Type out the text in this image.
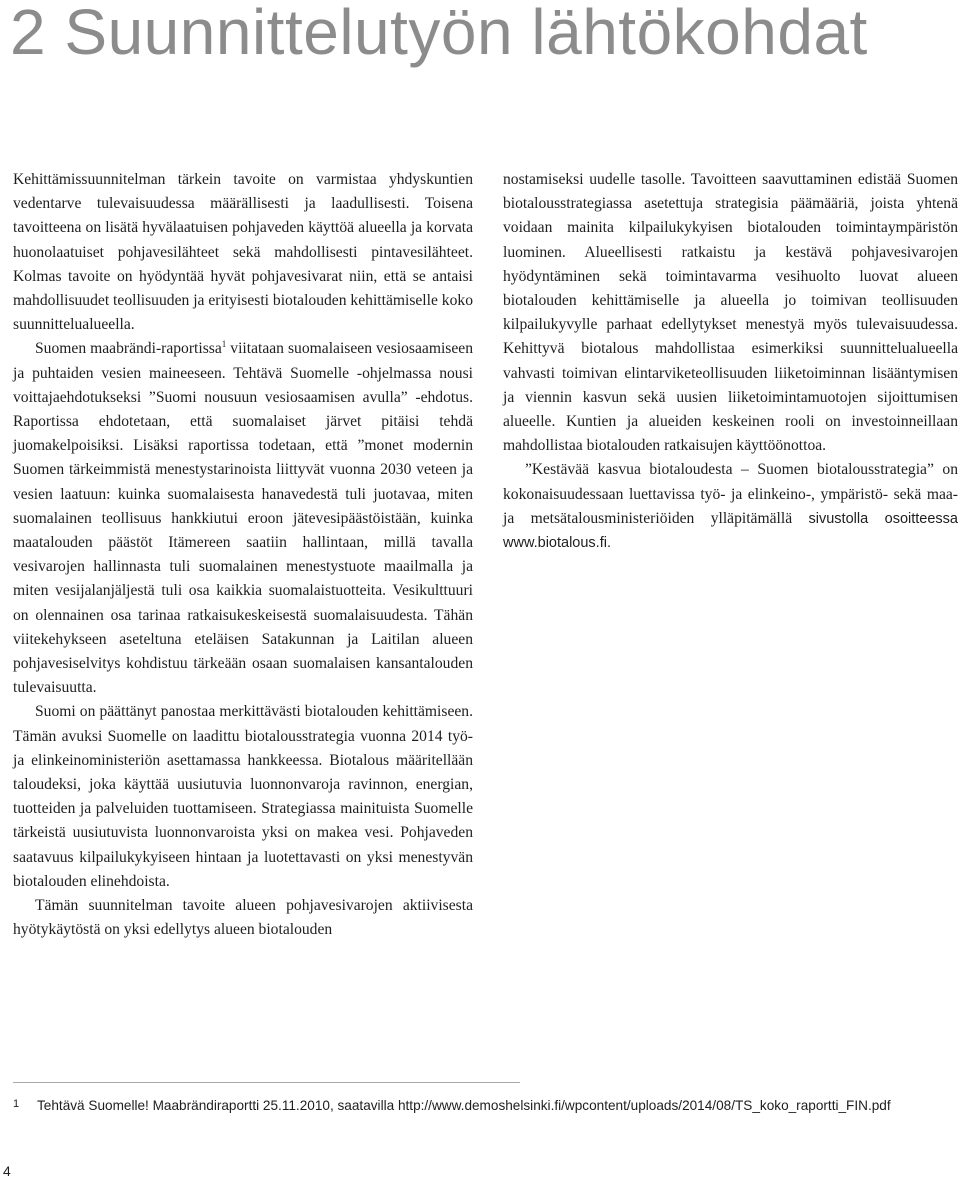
2 Suunnittelutyön lähtökohdat

Kehittämissuunnitelman tärkein tavoite on varmistaa yhdyskuntien vedentarve tulevaisuudessa määrällisesti ja laadullisesti. Toisena tavoitteena on lisätä hyvälaatuisen pohjaveden käyttöä alueella ja korvata huonolaatuiset pohjavesilähteet sekä mahdollisesti pintavesilähteet. Kolmas tavoite on hyödyntää hyvät pohjavesivarat niin, että se antaisi mahdollisuudet teollisuuden ja erityisesti biotalouden kehittämiselle koko suunnittelualueella.

Suomen maabrändi-raportissa$^1$ viitataan suomalaiseen vesiosaamiseen ja puhtaiden vesien maineeseen. Tehtävä Suomelle -ohjelmassa nousi voittajaehdotukseksi ”Suomi nousuun vesiosaamisen avulla” -ehdotus. Raportissa ehdotetaan, että suomalaiset järvet pitäisi tehdä juomakelpoisiksi. Lisäksi raportissa todetaan, että ”monet modernin Suomen tärkeimmistä menestystarinoista liittyvät vuonna 2030 veteen ja vesien laatuun: kuinka suomalaisesta hanavedestä tuli juotavaa, miten suomalainen teollisuus hankkiutui eroon jätevesipäästöistään, kuinka maatalouden päästöt Itämereen saatiin hallintaan, millä tavalla vesivarojen hallinnasta tuli suomalainen menestystuote maailmalla ja miten vesijalanjäljestä tuli osa kaikkia suomalaistuotteita. Vesikulttuuri on olennainen osa tarinaa ratkaisukeskeisestä suomalaisuudesta. Tähän viitekehykseen aseteltuna eteläisen Satakunnan ja Laitilan alueen pohjavesiselvitys kohdistuu tärkeään osaan suomalaisen kansantalouden tulevaisuutta.

Suomi on päättänyt panostaa merkittävästi biotalouden kehittämiseen. Tämän avuksi Suomelle on laadittu biotalousstrategia vuonna 2014 työ- ja elinkeinoministeriön asettamassa hankkeessa. Biotalous määritellään taloudeksi, joka käyttää uusiutuvia luonnonvaroja ravinnon, energian, tuotteiden ja palveluiden tuottamiseen. Strategiassa mainituista Suomelle tärkeistä uusiutuvista luonnonvaroista yksi on makea vesi. Pohjaveden saatavuus kilpailukykyiseen hintaan ja luotettavasti on yksi menestyvän biotalouden elinehdoista.

Tämän suunnitelman tavoite alueen pohjavesivarojen aktiivisesta hyötykäytöstä on yksi edellytys alueen biotalouden

nostamiseksi uudelle tasolle. Tavoitteen saavuttaminen edistää Suomen biotalousstrategiassa asetettuja strategisia päämääriä, joista yhtenä voidaan mainita kilpailukykyisen biotalouden toimintaympäristön luominen. Alueellisesti ratkaistu ja kestävä pohjavesivarojen hyödyntäminen sekä toimintavarma vesihuolto luovat alueen biotalouden kehittämiselle ja alueella jo toimivan teollisuuden kilpailukyvylle parhaat edellytykset menestyä myös tulevaisuudessa. Kehittyvä biotalous mahdollistaa esimerkiksi suunnittelualueella vahvasti toimivan elintarviketeollisuuden liiketoiminnan lisääntymisen ja viennin kasvun sekä uusien liiketoimintamuotojen sijoittumisen alueelle. Kuntien ja alueiden keskeinen rooli on investoinneillaan mahdollistaa biotalouden ratkaisujen käyttöönottoa.

”Kestävää kasvua biotaloudesta – Suomen biotalousstrategia” on kokonaisuudessaan luettavissa työ- ja elinkeino-, ympäristö- sekä maa- ja metsätalousministeriöiden ylläpitämällä sivustolla osoitteessa www.biotalous.fi.

1	Tehtävä Suomelle! Maabrändiraportti 25.11.2010, saatavilla http://www.demoshelsinki.fi/wpcontent/uploads/2014/08/TS_koko_raportti_FIN.pdf
4
